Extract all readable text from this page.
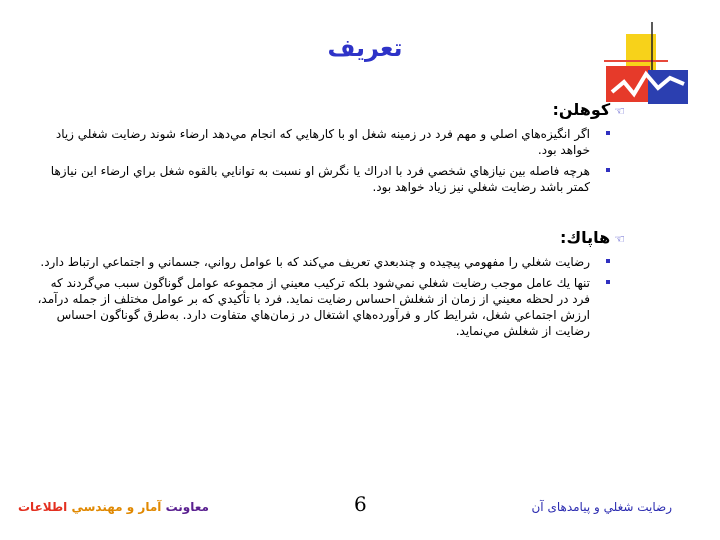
تعريف
☜كوهلن:
اگر انگيزه‌هاي اصلي و مهم فرد در زمينه شغل او با كارهايي كه انجام مي‌دهد ارضاء شوند رضايت شغلي زياد خواهد بود.
هرچه فاصله بين نيازهاي شخصي فرد با ادراك يا نگرش او نسبت به توانايي بالقوه شغل براي ارضاء اين نيازها كمتر باشد رضايت شغلي نيز زياد خواهد بود.
☜هاپاك:
رضايت شغلي را مفهومي پيچيده و چندبعدي تعريف مي‌كند كه با عوامل رواني، جسماني و اجتماعي ارتباط دارد.
تنها يك عامل موجب رضايت شغلي نمي‌شود بلكه تركيب معيني از مجموعه عوامل گوناگون سبب مي‌گردند كه فرد در لحظه معيني از زمان از شغلش احساس رضايت نمايد. فرد با تأكيدي كه بر عوامل مختلف از جمله درآمد، ارزش اجتماعي شغل، شرايط كار و فرآورده‌هاي اشتغال در زمان‌هاي متفاوت دارد. به‌طرق گوناگون احساس رضايت از شغلش مي‌نمايد.
معاونت آمار و مهندسي اطلاعات	6	رضايت شغلي و پيامدهای آن
